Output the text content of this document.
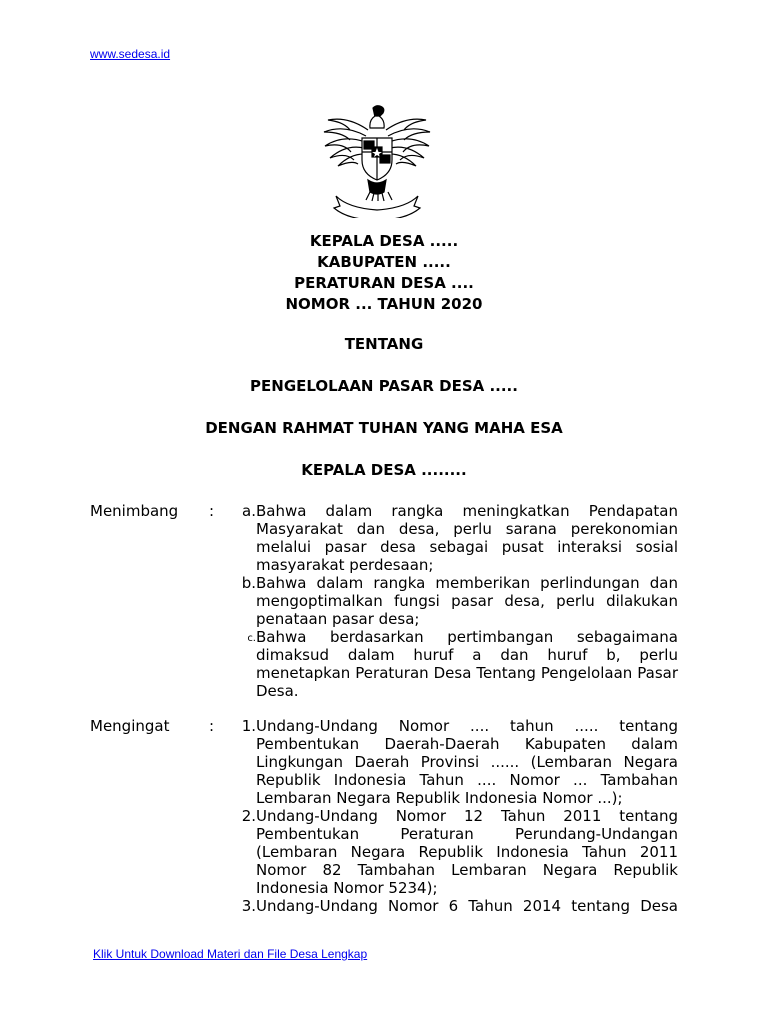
www.sedesa.id
KEPALA DESA .....
KABUPATEN .....
PERATURAN DESA ....
NOMOR ... TAHUN 2020
TENTANG
PENGELOLAAN PASAR DESA .....
DENGAN RAHMAT TUHAN YANG MAHA ESA
KEPALA DESA ........
Menimbang :	a. Bahwa dalam rangka meningkatkan Pendapatan Masyarakat dan desa, perlu sarana perekonomian melalui pasar desa sebagai pusat interaksi sosial masyarakat perdesaan;
b. Bahwa dalam rangka memberikan perlindungan dan mengoptimalkan fungsi pasar desa, perlu dilakukan penataan pasar desa;
c. Bahwa berdasarkan pertimbangan sebagaimana dimaksud dalam huruf a dan huruf b, perlu menetapkan Peraturan Desa Tentang Pengelolaan Pasar Desa.
Mengingat	:	1. Undang-Undang Nomor .... tahun ..... tentang Pembentukan Daerah-Daerah Kabupaten dalam Lingkungan Daerah Provinsi ...... (Lembaran Negara Republik Indonesia Tahun .... Nomor ... Tambahan Lembaran Negara Republik Indonesia Nomor ...);
2. Undang-Undang Nomor 12 Tahun 2011 tentang Pembentukan Peraturan Perundang-Undangan (Lembaran Negara Republik Indonesia Tahun 2011 Nomor 82 Tambahan Lembaran Negara Republik Indonesia Nomor 5234);
3. Undang-Undang Nomor 6 Tahun 2014 tentang Desa
Klik Untuk Download Materi dan File Desa Lengkap
